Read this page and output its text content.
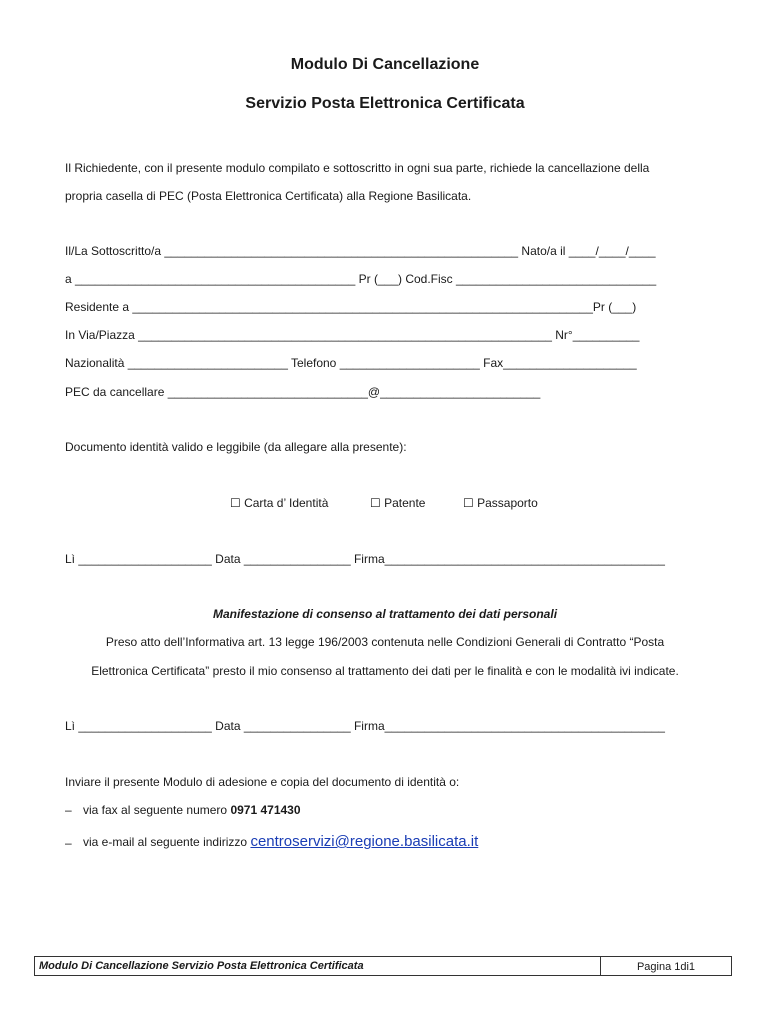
Modulo Di Cancellazione
Servizio Posta Elettronica Certificata
Il Richiedente, con il presente modulo compilato e sottoscritto in ogni sua parte, richiede la cancellazione della
propria casella di PEC (Posta Elettronica Certificata) alla Regione Basilicata.
Il/La Sottoscritto/a _____________________________________________________ Nato/a il ____/____/____
a __________________________________________ Pr (___) Cod.Fisc ______________________________
Residente a _____________________________________________________________________Pr (___)
In Via/Piazza ______________________________________________________________ Nr°__________
Nazionalità ________________________ Telefono _____________________ Fax____________________
PEC da cancellare ______________________________@________________________
Documento identità valido e leggibile (da allegare alla presente):
☐ Carta d’ Identità	☐ Patente	☐ Passaporto
Lì ____________________ Data ________________ Firma__________________________________________
Manifestazione di consenso al trattamento dei dati personali
Preso atto dell’Informativa art. 13 legge 196/2003 contenuta nelle Condizioni Generali di Contratto “Posta
Elettronica Certificata” presto il mio consenso al trattamento dei dati per le finalità e con le modalità ivi indicate.
Lì ____________________ Data ________________ Firma__________________________________________
Inviare il presente Modulo di adesione e copia del documento di identità o:
– via fax al seguente numero 0971 471430
– via e-mail al seguente indirizzo centroservizi@regione.basilicata.it
Modulo Di Cancellazione Servizio Posta Elettronica Certificata	Pagina 1di1
